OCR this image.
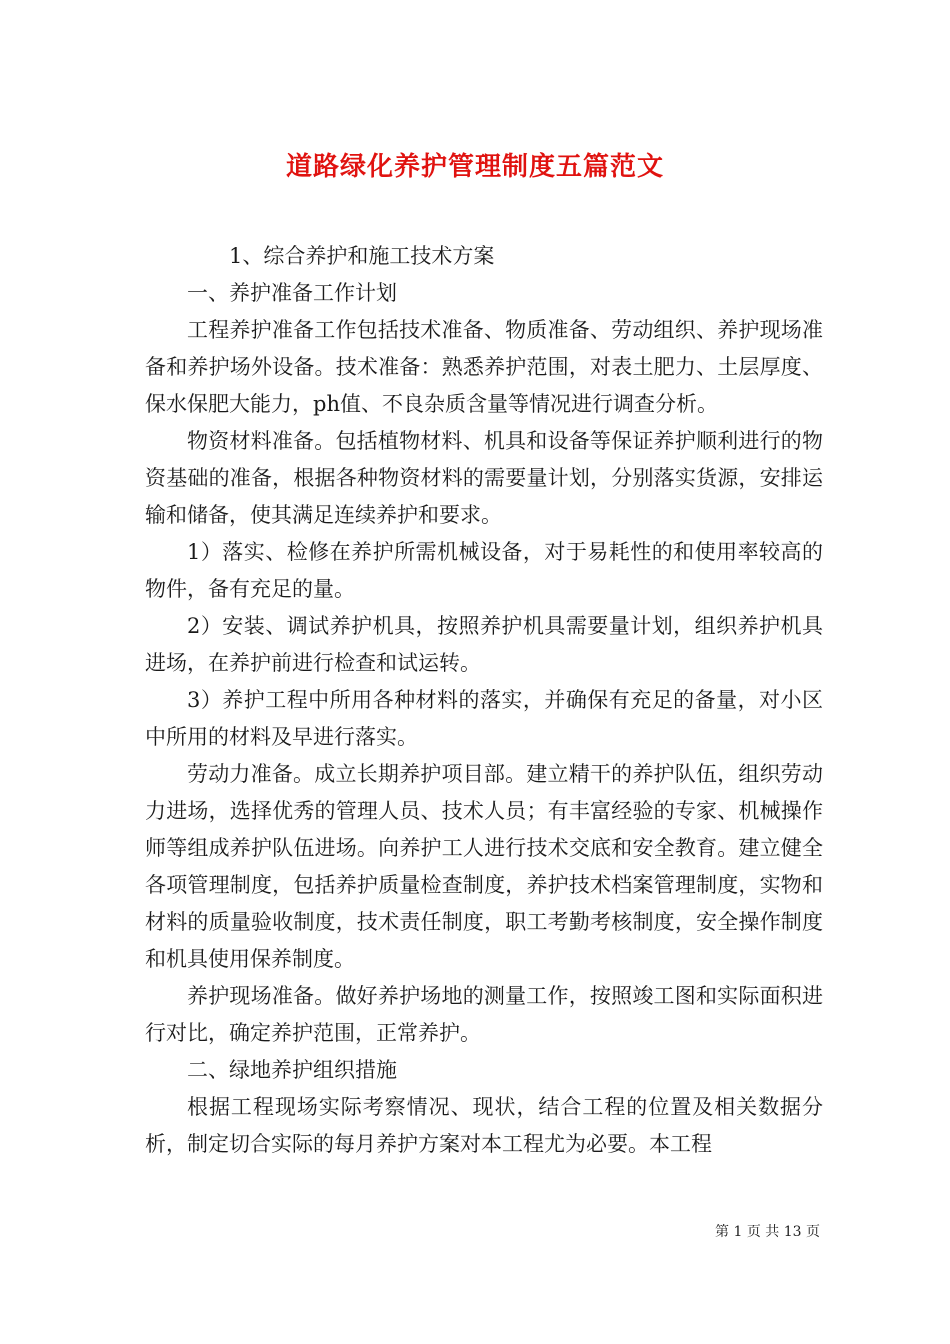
道路绿化养护管理制度五篇范文

1、综合养护和施工技术方案

一、养护准备工作计划

工程养护准备工作包括技术准备、物质准备、劳动组织、养护现场准备和养护场外设备。技术准备：熟悉养护范围，对表土肥力、土层厚度、保水保肥大能力，ph值、不良杂质含量等情况进行调查分析。

物资材料准备。包括植物材料、机具和设备等保证养护顺利进行的物资基础的准备，根据各种物资材料的需要量计划，分别落实货源，安排运输和储备，使其满足连续养护和要求。

1）落实、检修在养护所需机械设备，对于易耗性的和使用率较高的物件，备有充足的量。

2）安装、调试养护机具，按照养护机具需要量计划，组织养护机具进场，在养护前进行检查和试运转。

3）养护工程中所用各种材料的落实，并确保有充足的备量，对小区中所用的材料及早进行落实。

劳动力准备。成立长期养护项目部。建立精干的养护队伍，组织劳动力进场，选择优秀的管理人员、技术人员；有丰富经验的专家、机械操作师等组成养护队伍进场。向养护工人进行技术交底和安全教育。建立健全各项管理制度，包括养护质量检查制度，养护技术档案管理制度，实物和材料的质量验收制度，技术责任制度，职工考勤考核制度，安全操作制度和机具使用保养制度。

养护现场准备。做好养护场地的测量工作，按照竣工图和实际面积进行对比，确定养护范围，正常养护。

二、绿地养护组织措施

根据工程现场实际考察情况、现状，结合工程的位置及相关数据分析，制定切合实际的每月养护方案对本工程尤为必要。本工程

第 1 页 共 13 页
